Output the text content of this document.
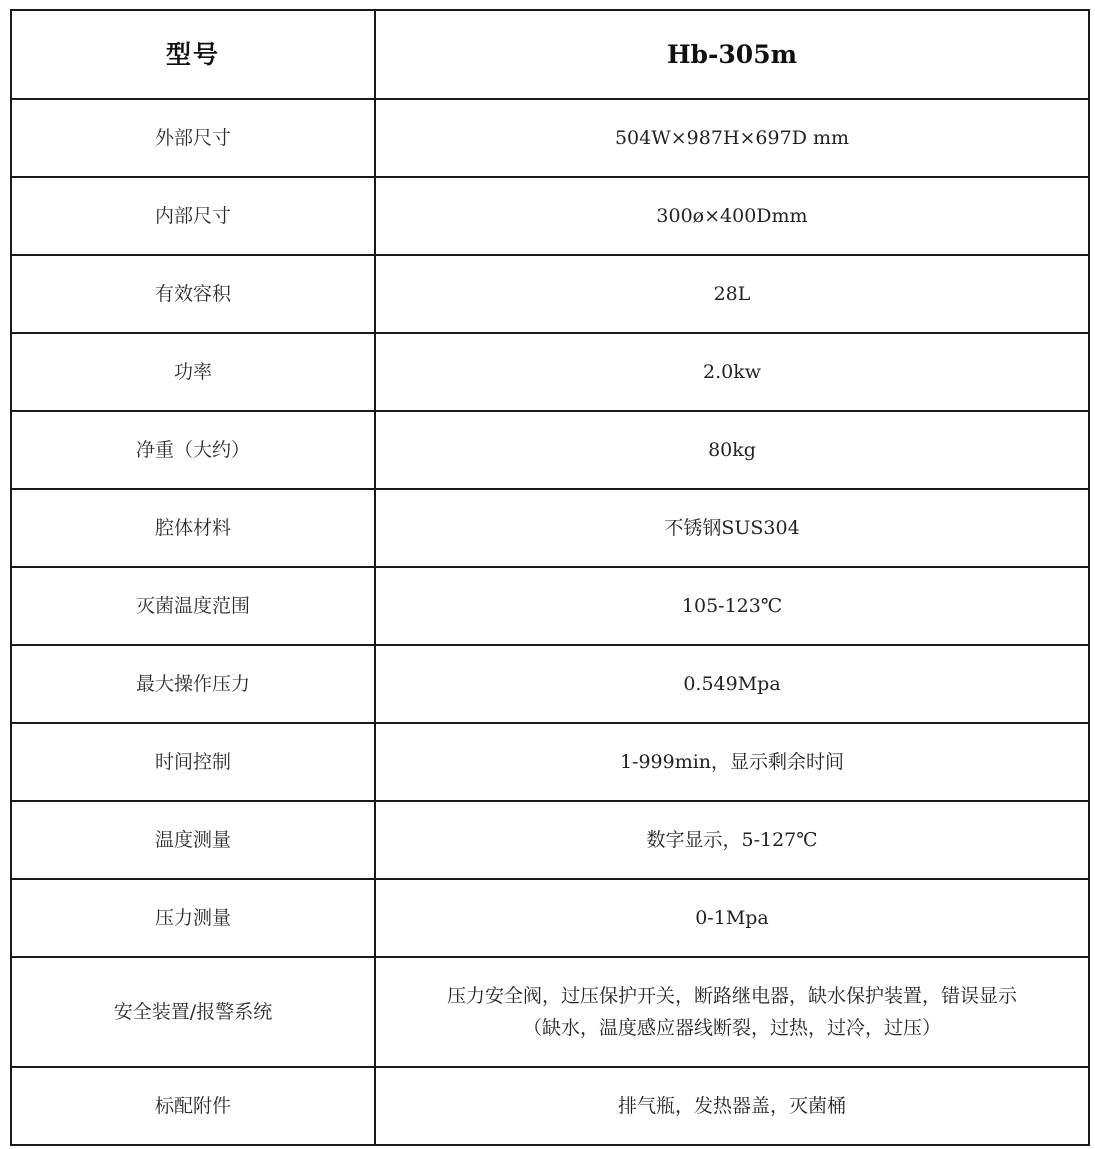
型号	Hb-305m
外部尺寸	504W×987H×697D mm
内部尺寸	300ø×400Dmm
有效容积	28L
功率	2.0kw
净重（大约）	80kg
腔体材料	不锈钢SUS304
灭菌温度范围	105-123℃
最大操作压力	0.549Mpa
时间控制	1-999min，显示剩余时间
温度测量	数字显示，5-127℃
压力测量	0-1Mpa
安全装置/报警系统	压力安全阀，过压保护开关，断路继电器，缺水保护装置，错误显示
（缺水，温度感应器线断裂，过热，过冷，过压）

标配附件	排气瓶，发热器盖，灭菌桶
